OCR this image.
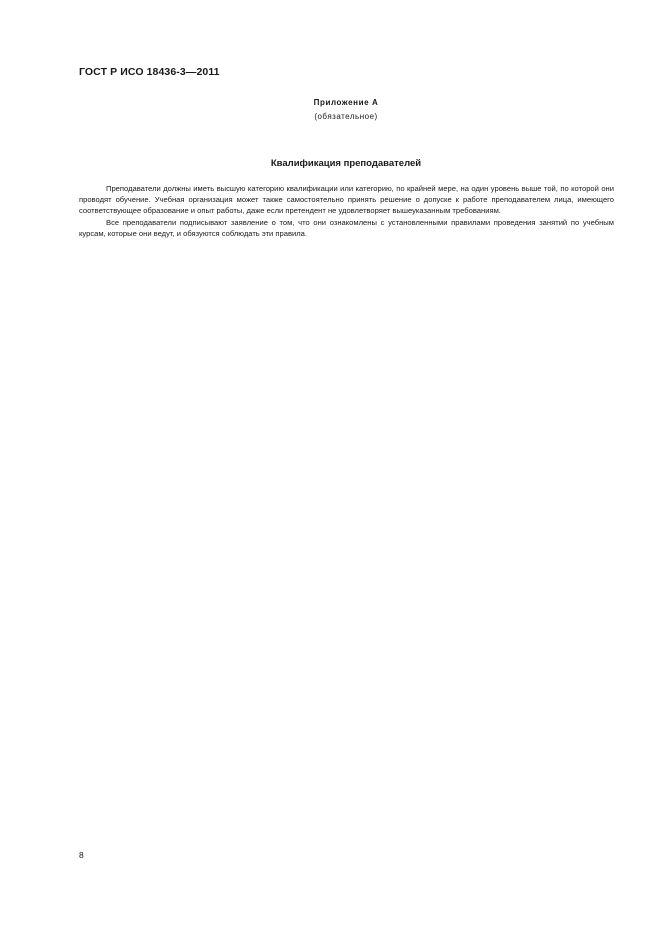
ГОСТ Р ИСО 18436-3—2011
Приложение А
(обязательное)
Квалификация преподавателей

Преподаватели должны иметь высшую категорию квалификации или категорию, по крайней мере, на один уровень выше той, по которой они проводят обучение. Учебная организация может также самостоятельно принять решение о допуске к работе преподавателем лица, имеющего соответствующее образование и опыт работы, даже если претендент не удовлетворяет вышеуказанным требованиям.

Все преподаватели подписывают заявление о том, что они ознакомлены с установленными правилами проведения занятий по учебным курсам, которые они ведут, и обязуются соблюдать эти правила.

8
